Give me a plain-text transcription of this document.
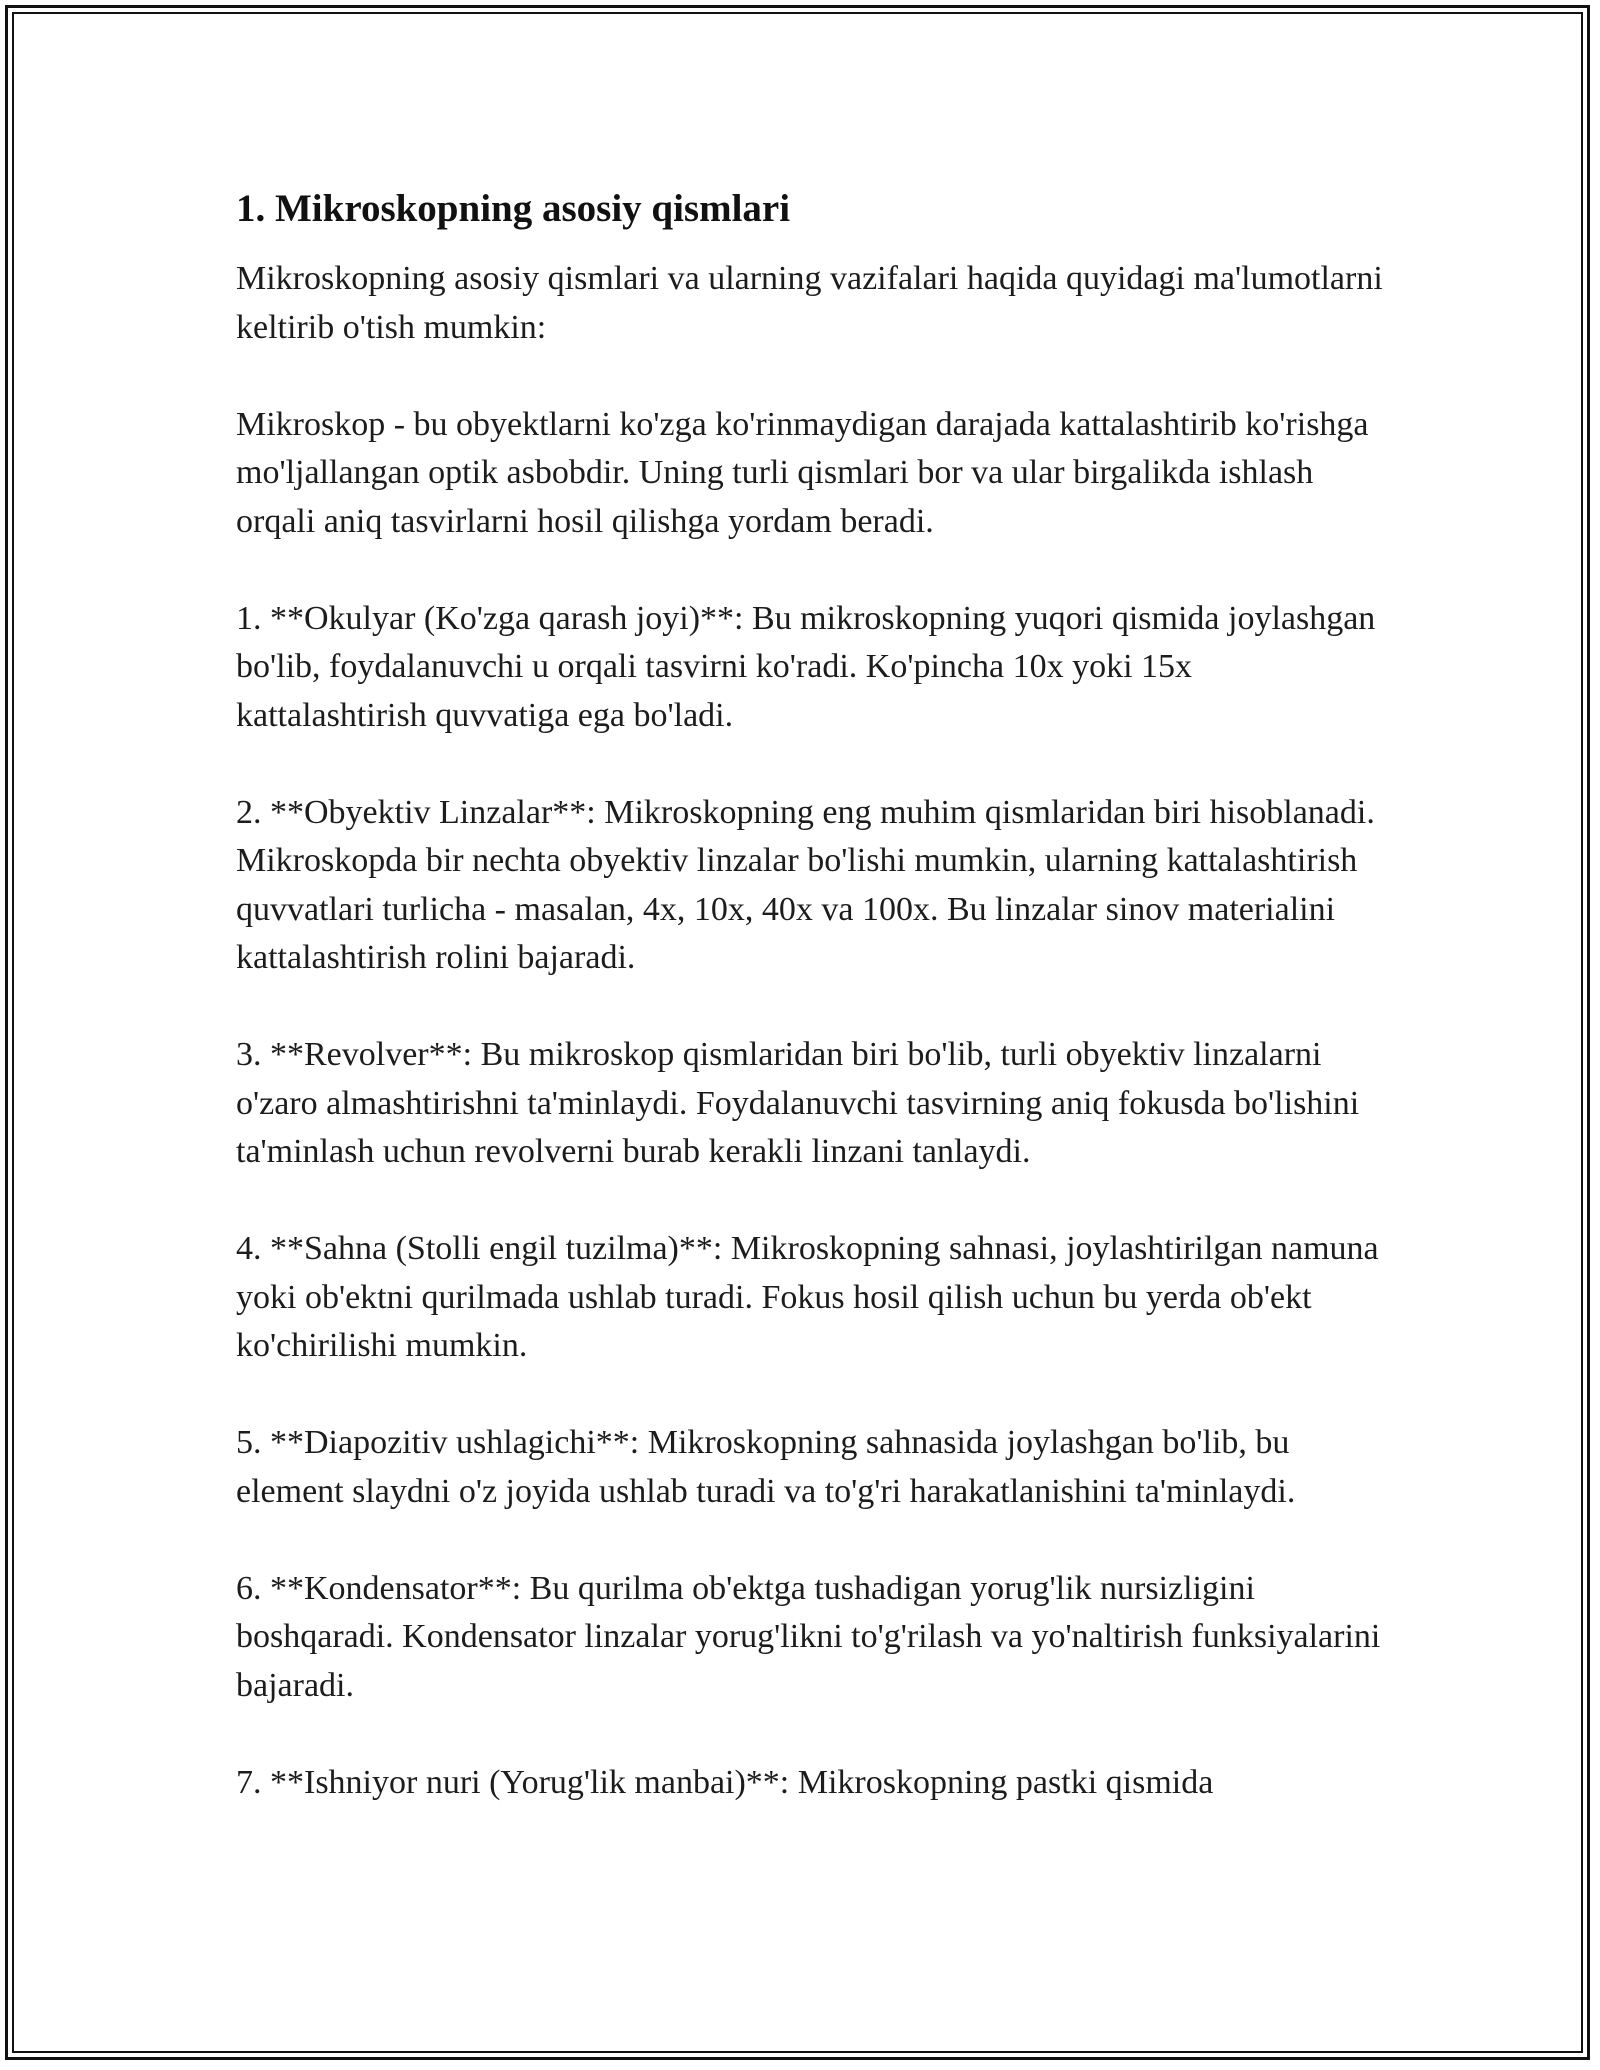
1. Mikroskopning asosiy qismlari

Mikroskopning asosiy qismlari va ularning vazifalari haqida quyidagi ma'lumotlarni keltirib o'tish mumkin:

Mikroskop - bu obyektlarni ko'zga ko'rinmaydigan darajada kattalashtirib ko'rishga mo'ljallangan optik asbobdir. Uning turli qismlari bor va ular birgalikda ishlash orqali aniq tasvirlarni hosil qilishga yordam beradi.

1. **Okulyar (Ko'zga qarash joyi)**: Bu mikroskopning yuqori qismida joylashgan bo'lib, foydalanuvchi u orqali tasvirni ko'radi. Ko'pincha 10x yoki 15x kattalashtirish quvvatiga ega bo'ladi.

2. **Obyektiv Linzalar**: Mikroskopning eng muhim qismlaridan biri hisoblanadi. Mikroskopda bir nechta obyektiv linzalar bo'lishi mumkin, ularning kattalashtirish quvvatlari turlicha - masalan, 4x, 10x, 40x va 100x. Bu linzalar sinov materialini kattalashtirish rolini bajaradi.

3. **Revolver**: Bu mikroskop qismlaridan biri bo'lib, turli obyektiv linzalarni o'zaro almashtirishni ta'minlaydi. Foydalanuvchi tasvirning aniq fokusda bo'lishini ta'minlash uchun revolverni burab kerakli linzani tanlaydi.

4. **Sahna (Stolli engil tuzilma)**: Mikroskopning sahnasi, joylashtirilgan namuna yoki ob'ektni qurilmada ushlab turadi. Fokus hosil qilish uchun bu yerda ob'ekt ko'chirilishi mumkin.

5. **Diapozitiv ushlagichi**: Mikroskopning sahnasida joylashgan bo'lib, bu element slaydni o'z joyida ushlab turadi va to'g'ri harakatlanishini ta'minlaydi.

6. **Kondensator**: Bu qurilma ob'ektga tushadigan yorug'lik nursizligini boshqaradi. Kondensator linzalar yorug'likni to'g'rilash va yo'naltirish funksiyalarini bajaradi.

7. **Ishniyor nuri (Yorug'lik manbai)**: Mikroskopning pastki qismida
